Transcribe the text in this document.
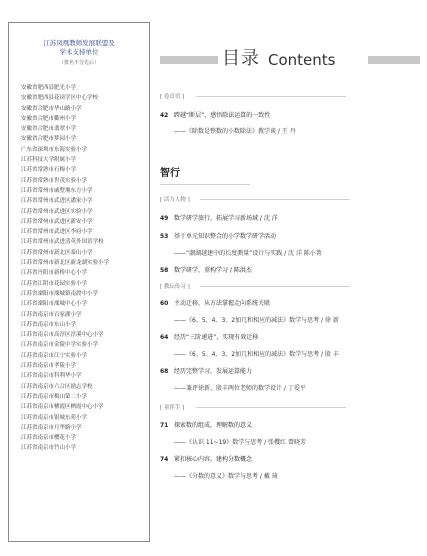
江苏凤凰教师发展联盟及
学术支持单位
（排名不分先后）
安徽省肥西县肥光小学
安徽省肥西县花岗学区中心学校
安徽省合肥市华山路小学
安徽省合肥市衢州小学
安徽省合肥市翡翠小学
安徽省合肥市梦园小学
广东省深圳市东海实验小学
江苏科技大学附属小学
江苏省常熟市石梅小学
江苏省常熟市世茂实验小学
江苏省常州市戚墅堰东方小学
江苏省常州市武进区潘家小学
江苏省常州市武进区实验小学
江苏省常州市武进区新安小学
江苏省常州市武进区李府小学
江苏省常州市武进清英外国语学校
江苏省常州市新北区泰山小学
江苏省常州市新北区新龙湖实验小学
江苏省丹阳市新桥中心小学
江苏省江阴市花园实验小学
江苏省溧阳市溧城镇南渡中小学
江苏省溧阳市溧城中心小学
江苏省南京市百家湖小学
江苏省南京市东山小学
江苏省南京市高淳区淳溪中心小学
江苏省南京市金陵中学实验小学
江苏省南京市江宁实验小学
江苏省南京市孝陵小学
江苏省南京市科利华小学
江苏省南京市六合区励志学校
江苏省南京市梅山第二小学
江苏省南京市栖霞区栖霞中心小学
江苏省南京市银城东苑小学
江苏省南京市月华路小学
江苏省南京市樱花小学
江苏省南京市竹山小学
目录 Contents
[ 卷首语 ]
42 跨越“断层”，感悟除法运算的一致性
——《除数是整数的小数除法》教学谈 / 王 丹
智行
[ 活力人物 ]
49 数学研学旅行，拓展学习新场域 / 沈 洋
53 基于单元知识整合的小学数学研学活动
——“潮湖越建中的长度测量”设计与实践 / 沈 洋 陈小菁
58 数学研学，重构学习 / 陈洪杰
[ 教坛传习 ]
60 主动迁移，从方法掌握走向系统关联
——《6、5、4、3、2加几和相应的减法》数学与思考 / 徐 新
64 经历“三阶递进”，实现有效迁移
——《6、5、4、3、2加几和相应的减法》数学与思考 / 殷 丰
68 经历完整学习，发展运算能力
——兼评徐新、殷丰两位老师的数学设计 / 丁爱平
[ 童伴手 ]
71 探索数的组成，理解数的意义
——《认识 11~19》数学与思考 / 张樱红 曾晓芳
74 紧扣核心内容，建构分数概念
——《分数的意义》数学与思考 / 戴 琦
